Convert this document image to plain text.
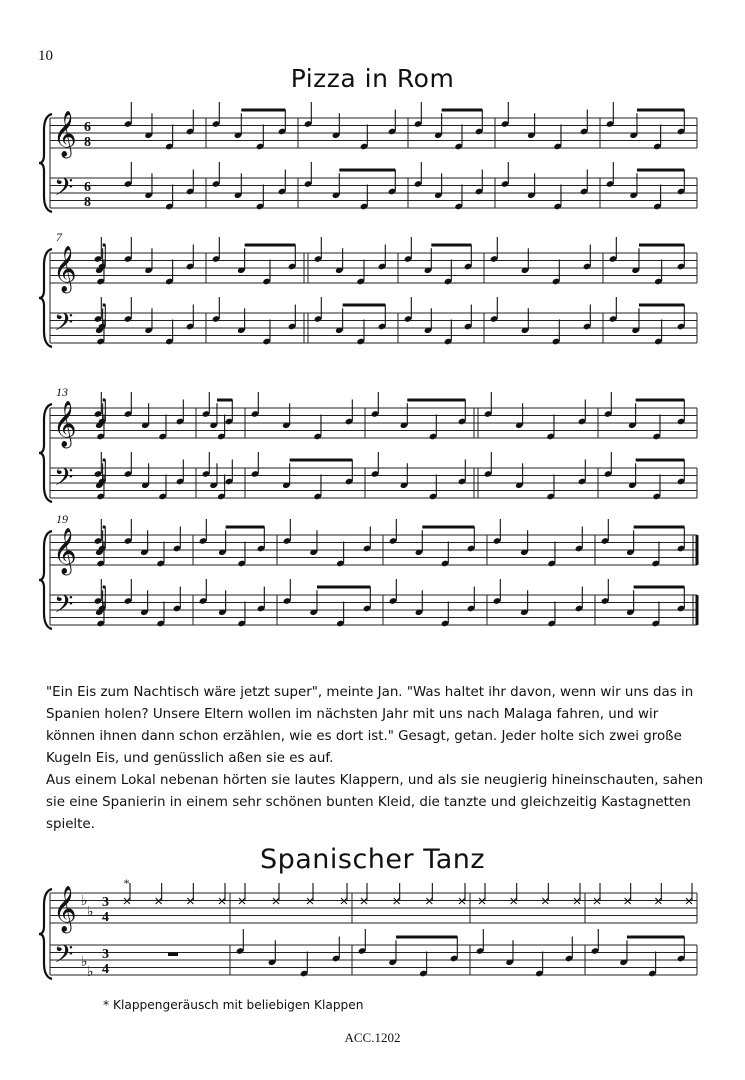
10
Pizza in Rom
𝄞
𝄢
6
8
6
8
𝄞
𝄢
7
𝄞
𝄢
13
𝄞
𝄢
19
𝄞
𝄢
♭
♭
♭
♭
3
4
3
4
*

"Ein Eis zum Nachtisch wäre jetzt super", meinte Jan. "Was haltet ihr davon, wenn wir uns das in Spanien holen? Unsere Eltern wollen im nächsten Jahr mit uns nach Malaga fahren, und wir können ihnen dann schon erzählen, wie es dort ist." Gesagt, getan. Jeder holte sich zwei große Kugeln Eis, und genüsslich aßen sie es auf.

Aus einem Lokal nebenan hörten sie lautes Klappern, und als sie neugierig hineinschauten, sahen sie eine Spanierin in einem sehr schönen bunten Kleid, die tanzte und gleichzeitig Kastagnetten spielte.

Spanischer Tanz
* Klappengeräusch mit beliebigen Klappen
ACC.1202
